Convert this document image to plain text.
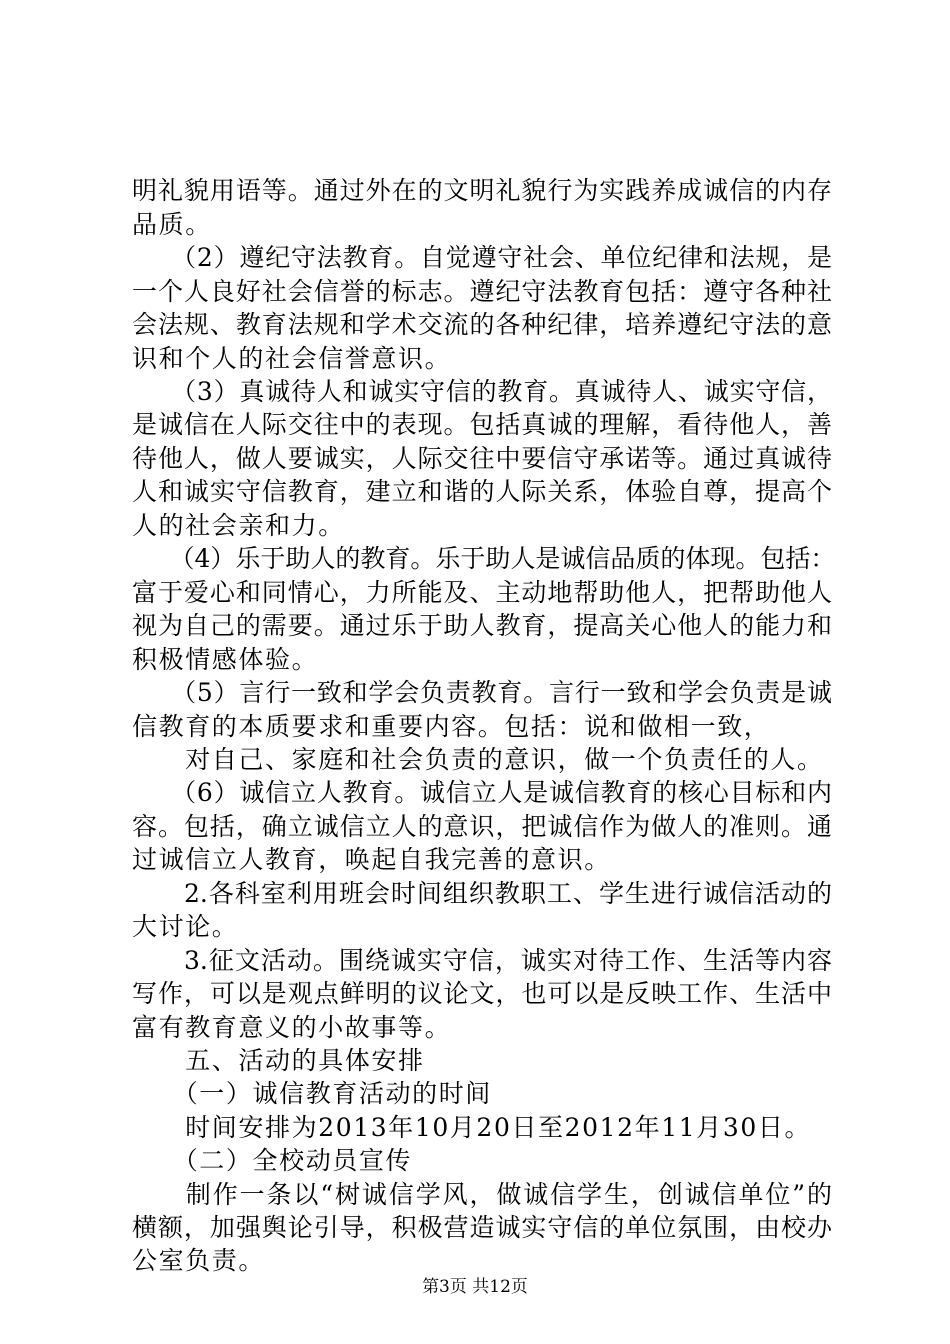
明礼貌用语等。通过外在的文明礼貌行为实践养成诚信的内存
品质。
　　（2）遵纪守法教育。自觉遵守社会、单位纪律和法规，是
一个人良好社会信誉的标志。遵纪守法教育包括：遵守各种社
会法规、教育法规和学术交流的各种纪律，培养遵纪守法的意
识和个人的社会信誉意识。
　　（3）真诚待人和诚实守信的教育。真诚待人、诚实守信，
是诚信在人际交往中的表现。包括真诚的理解，看待他人，善
待他人，做人要诚实，人际交往中要信守承诺等。通过真诚待
人和诚实守信教育，建立和谐的人际关系，体验自尊，提高个
人的社会亲和力。
　　（4）乐于助人的教育。乐于助人是诚信品质的体现。包括：
富于爱心和同情心，力所能及、主动地帮助他人，把帮助他人
视为自己的需要。通过乐于助人教育，提高关心他人的能力和
积极情感体验。
　　（5）言行一致和学会负责教育。言行一致和学会负责是诚
信教育的本质要求和重要内容。包括：说和做相一致，
　　对自己、家庭和社会负责的意识，做一个负责任的人。
　　（6）诚信立人教育。诚信立人是诚信教育的核心目标和内
容。包括，确立诚信立人的意识，把诚信作为做人的准则。通
过诚信立人教育，唤起自我完善的意识。
　　2.各科室利用班会时间组织教职工、学生进行诚信活动的
大讨论。
　　3.征文活动。围绕诚实守信，诚实对待工作、生活等内容
写作，可以是观点鲜明的议论文，也可以是反映工作、生活中
富有教育意义的小故事等。
　　五、活动的具体安排
　　（一）诚信教育活动的时间
　　时间安排为2013年10月20日至2012年11月30日。
　　（二）全校动员宣传
　　制作一条以“树诚信学风，做诚信学生，创诚信单位”的
横额，加强舆论引导，积极营造诚实守信的单位氛围，由校办
公室负责。
第3页 共12页
